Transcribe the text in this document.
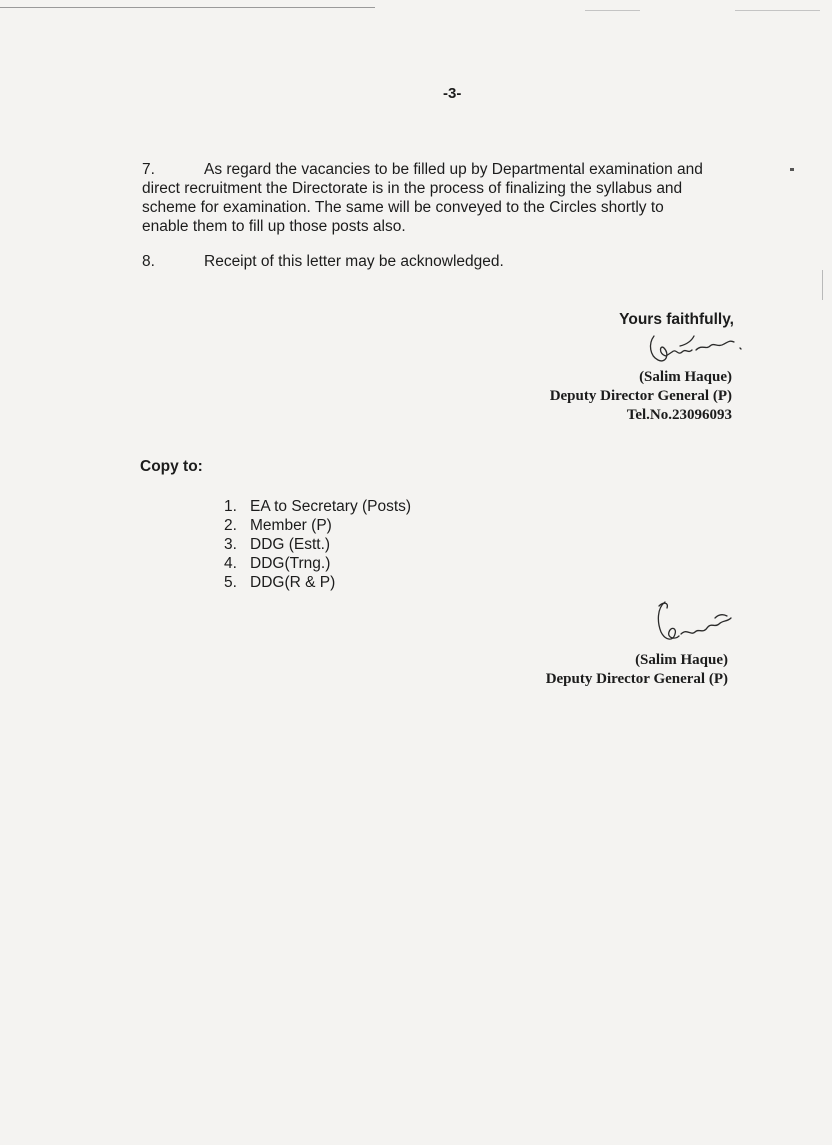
-3-
7.	As regard the vacancies to be filled up by Departmental examination and
direct recruitment the Directorate is in the process of finalizing the syllabus and
scheme for examination. The same will be conveyed to the Circles shortly to
enable them to fill up those posts also.
8.	Receipt of this letter may be acknowledged.
Yours faithfully,
(Salim Haque)
Deputy Director General (P)
Tel.No.23096093
Copy to:
1. EA to Secretary (Posts)
2. Member (P)
3. DDG (Estt.)
4. DDG(Trng.)
5. DDG(R & P)
(Salim Haque)
Deputy Director General (P)
